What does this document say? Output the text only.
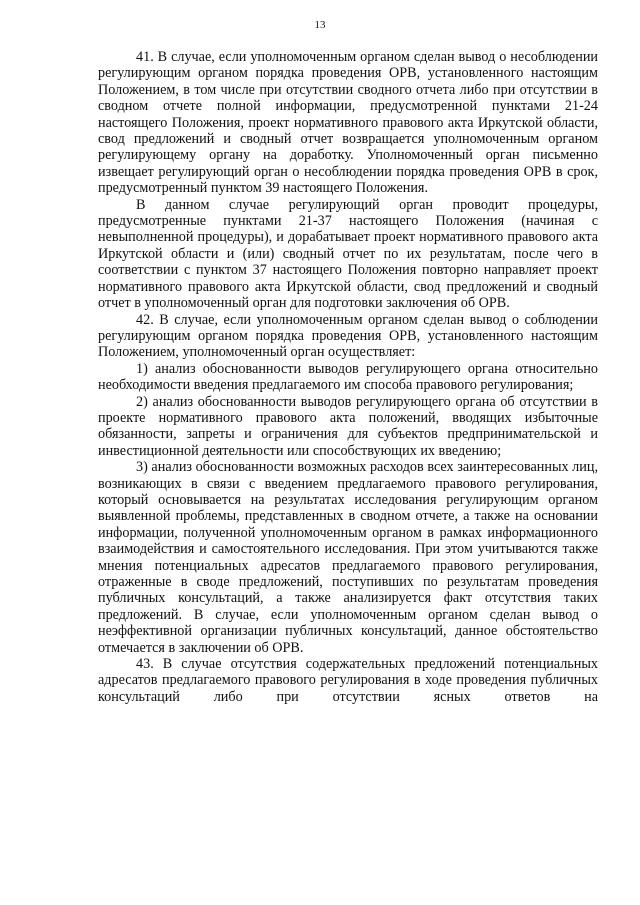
13

41. В случае, если уполномоченным органом сделан вывод о несоблюдении регулирующим органом порядка проведения ОРВ, установленного настоящим Положением, в том числе при отсутствии сводного отчета либо при отсутствии в сводном отчете полной информации, предусмотренной пунктами 21-24 настоящего Положения, проект нормативного правового акта Иркутской области, свод предложений и сводный отчет возвращается уполномоченным органом регулирующему органу на доработку. Уполномоченный орган письменно извещает регулирующий орган о несоблюдении порядка проведения ОРВ в срок, предусмотренный пунктом 39 настоящего Положения.

В данном случае регулирующий орган проводит процедуры, предусмотренные пунктами 21-37 настоящего Положения (начиная с невыполненной процедуры), и дорабатывает проект нормативного правового акта Иркутской области и (или) сводный отчет по их результатам, после чего в соответствии с пунктом 37 настоящего Положения повторно направляет проект нормативного правового акта Иркутской области, свод предложений и сводный отчет в уполномоченный орган для подготовки заключения об ОРВ.

42. В случае, если уполномоченным органом сделан вывод о соблюдении регулирующим органом порядка проведения ОРВ, установленного настоящим Положением, уполномоченный орган осуществляет:

1) анализ обоснованности выводов регулирующего органа относительно необходимости введения предлагаемого им способа правового регулирования;

2) анализ обоснованности выводов регулирующего органа об отсутствии в проекте нормативного правового акта положений, вводящих избыточные обязанности, запреты и ограничения для субъектов предпринимательской и инвестиционной деятельности или способствующих их введению;

3) анализ обоснованности возможных расходов всех заинтересованных лиц, возникающих в связи с введением предлагаемого правового регулирования, который основывается на результатах исследования регулирующим органом выявленной проблемы, представленных в сводном отчете, а также на основании информации, полученной уполномоченным органом в рамках информационного взаимодействия и самостоятельного исследования. При этом учитываются также мнения потенциальных адресатов предлагаемого правового регулирования, отраженные в своде предложений, поступивших по результатам проведения публичных консультаций, а также анализируется факт отсутствия таких предложений. В случае, если уполномоченным органом сделан вывод о неэффективной организации публичных консультаций, данное обстоятельство отмечается в заключении об ОРВ.

43. В случае отсутствия содержательных предложений потенциальных адресатов предлагаемого правового регулирования в ходе проведения публичных консультаций либо при отсутствии ясных ответов на
